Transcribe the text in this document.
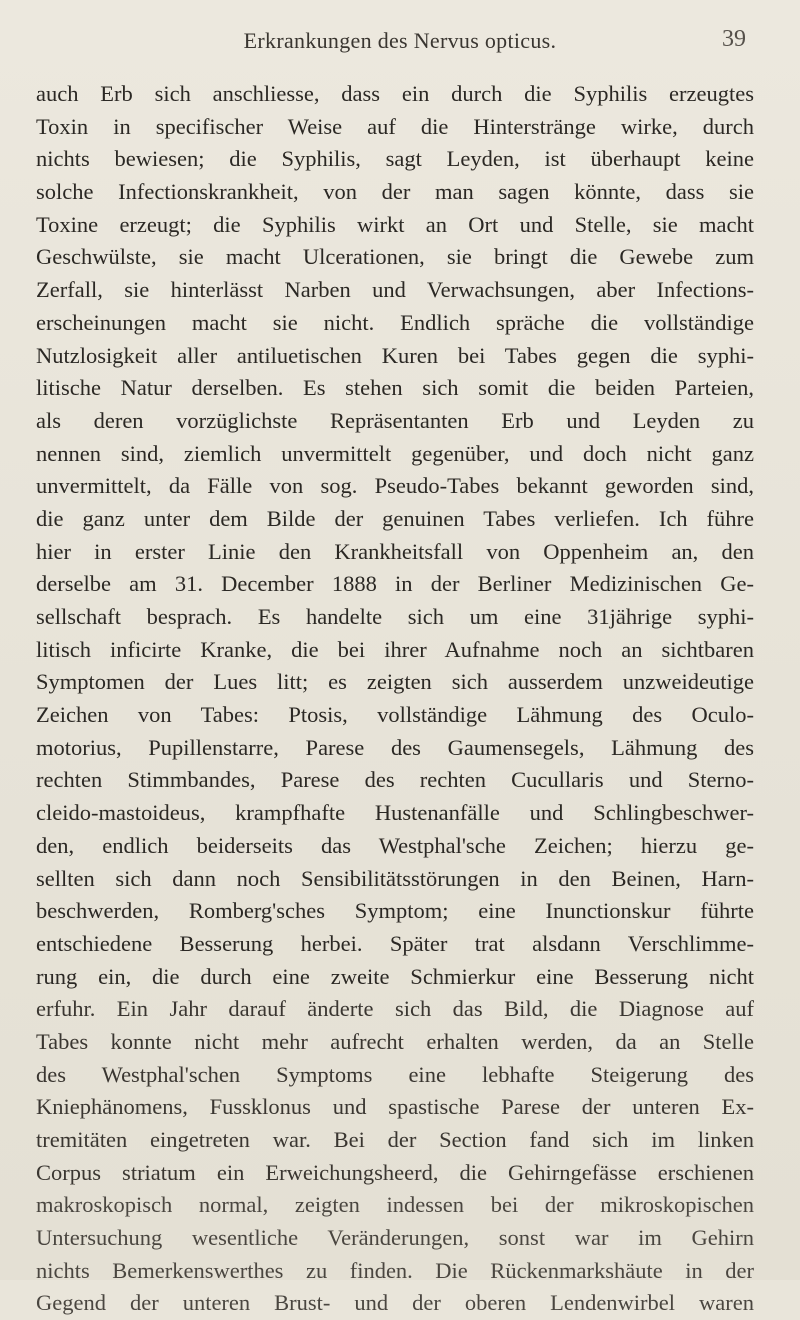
Erkrankungen des Nervus opticus.	39
auch Erb sich anschliesse, dass ein durch die Syphilis erzeugtes
Toxin in specifischer Weise auf die Hinterstränge wirke, durch
nichts bewiesen; die Syphilis, sagt Leyden, ist überhaupt keine
solche Infectionskrankheit, von der man sagen könnte, dass sie
Toxine erzeugt; die Syphilis wirkt an Ort und Stelle, sie macht
Geschwülste, sie macht Ulcerationen, sie bringt die Gewebe zum
Zerfall, sie hinterlässt Narben und Verwachsungen, aber Infections-
erscheinungen macht sie nicht. Endlich spräche die vollständige
Nutzlosigkeit aller antiluetischen Kuren bei Tabes gegen die syphi-
litische Natur derselben. Es stehen sich somit die beiden Parteien,
als deren vorzüglichste Repräsentanten Erb und Leyden zu
nennen sind, ziemlich unvermittelt gegenüber, und doch nicht ganz
unvermittelt, da Fälle von sog. Pseudo-Tabes bekannt geworden sind,
die ganz unter dem Bilde der genuinen Tabes verliefen. Ich führe
hier in erster Linie den Krankheitsfall von Oppenheim an, den
derselbe am 31. December 1888 in der Berliner Medizinischen Ge-
sellschaft besprach. Es handelte sich um eine 31jährige syphi-
litisch inficirte Kranke, die bei ihrer Aufnahme noch an sichtbaren
Symptomen der Lues litt; es zeigten sich ausserdem unzweideutige
Zeichen von Tabes: Ptosis, vollständige Lähmung des Oculo-
motorius, Pupillenstarre, Parese des Gaumensegels, Lähmung des
rechten Stimmbandes, Parese des rechten Cucullaris und Sterno-
cleido-mastoideus, krampfhafte Hustenanfälle und Schlingbeschwer-
den, endlich beiderseits das Westphal'sche Zeichen; hierzu ge-
sellten sich dann noch Sensibilitätsstörungen in den Beinen, Harn-
beschwerden, Romberg'sches Symptom; eine Inunctionskur führte
entschiedene Besserung herbei. Später trat alsdann Verschlimme-
rung ein, die durch eine zweite Schmierkur eine Besserung nicht
erfuhr. Ein Jahr darauf änderte sich das Bild, die Diagnose auf
Tabes konnte nicht mehr aufrecht erhalten werden, da an Stelle
des Westphal'schen Symptoms eine lebhafte Steigerung des
Kniephänomens, Fussklonus und spastische Parese der unteren Ex-
tremitäten eingetreten war. Bei der Section fand sich im linken
Corpus striatum ein Erweichungsheerd, die Gehirngefässe erschienen
makroskopisch normal, zeigten indessen bei der mikroskopischen
Untersuchung wesentliche Veränderungen, sonst war im Gehirn
nichts Bemerkenswerthes zu finden. Die Rückenmarkshäute in der
Gegend der unteren Brust- und der oberen Lendenwirbel waren
